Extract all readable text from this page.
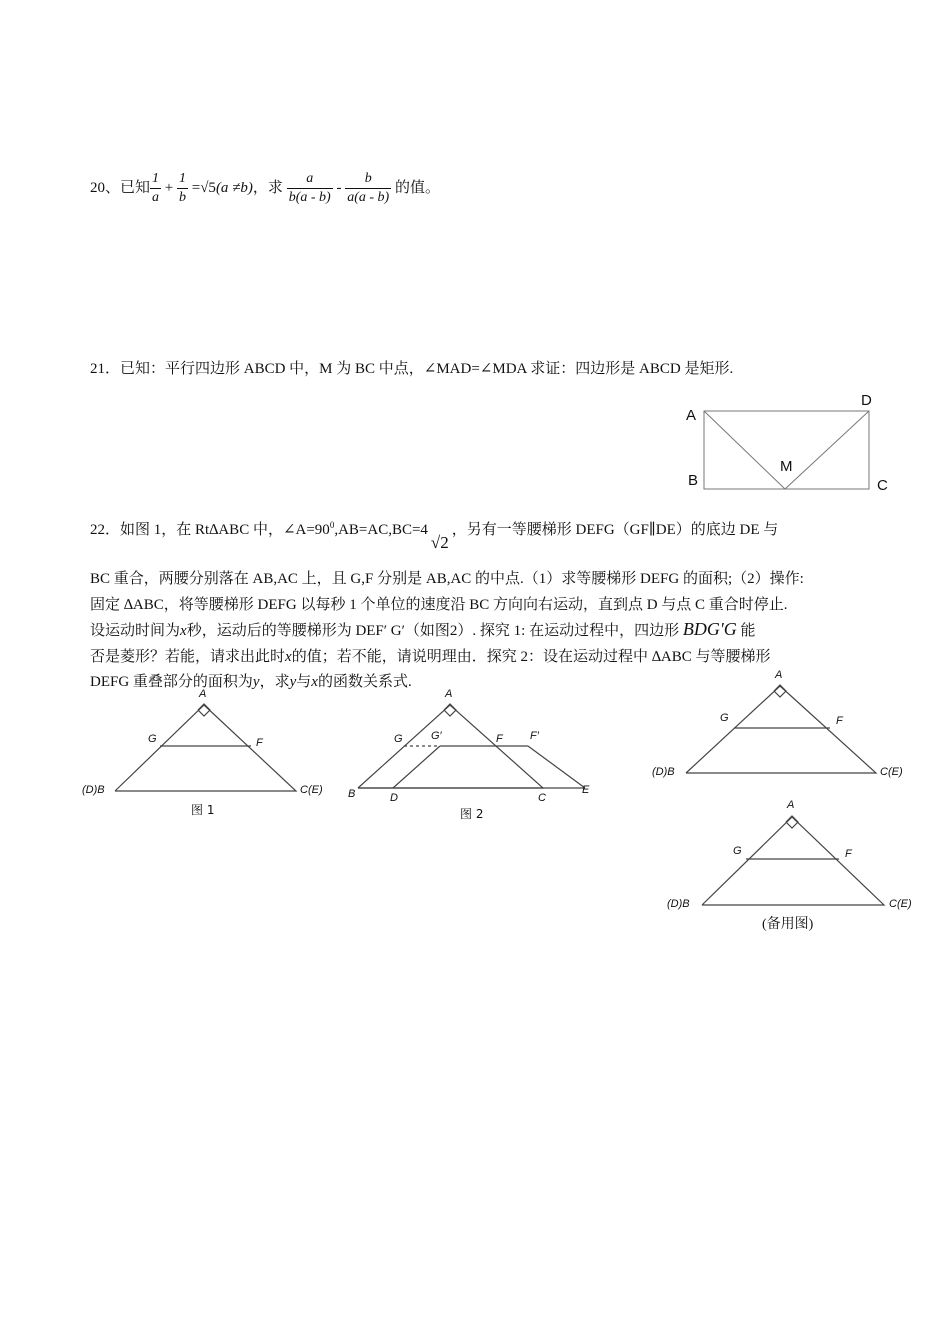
20、已知 $\frac{1}{a} + \frac{1}{b} =√5(a \ne b)$，求 $\frac{a}{b(a - b)} - \frac{b}{a(a - b)}$ 的值。
21．已知：平行四边形 ABCD 中，M 为 BC 中点，∠MAD=∠MDA 求证：四边形是 ABCD 是矩形.
A
D
M
B	C
22．如图 1，在 Rt∆ABC 中，$\angle A=90^0,AB=AC,BC=4√2$，另有一等腰梯形 DEFG（GF∥DE）的底边 DE 与
BC 重合，两腰分别落在 AB,AC 上，且 G,F 分别是 AB,AC 的中点.（1）求等腰梯形 DEFG 的面积;（2）操作:
固定 ∆ABC，将等腰梯形 DEFG 以每秒 1 个单位的速度沿 BC 方向向右运动，直到点 D 与点 C 重合时停止.
设运动时间为x秒，运动后的等腰梯形为 DEF′ G′（如图2）. 探究 1: 在运动过程中，四边形 BDG′G 能
否是菱形？若能，请求出此时x的值；若不能，请说明理由．探究 2：设在运动过程中 ∆ABC 与等腰梯形
DEFG 重叠部分的面积为y，求y与x的函数关系式.
A
G	F
(D)B	C(E)
图 1
A
G	G′	F F′
B	D	C
E
图 2
A
G	F
(D)B	C(E)
A
G	F
(D)B	C(E)
(备用图)
